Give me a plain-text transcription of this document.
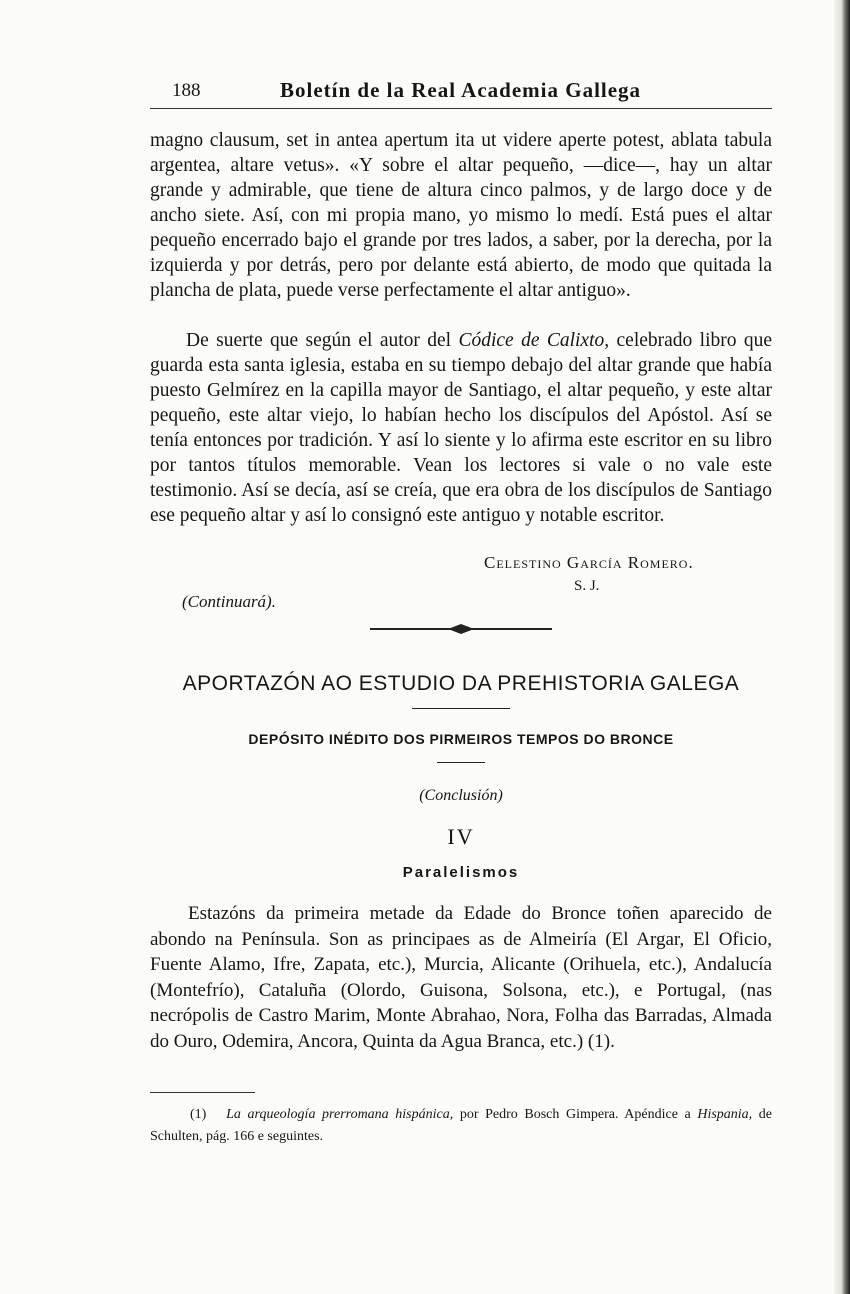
188	Boletín de la Real Academia Gallega
magno clausum, set in antea apertum ita ut videre aperte potest, ablata tabula argentea, altare vetus». «Y sobre el altar pequeño, —dice—, hay un altar grande y admirable, que tiene de altura cinco palmos, y de largo doce y de ancho siete. Así, con mi propia mano, yo mismo lo medí. Está pues el altar pequeño encerrado bajo el grande por tres lados, a saber, por la derecha, por la izquierda y por detrás, pero por delante está abierto, de modo que quitada la plancha de plata, puede verse perfectamente el altar antiguo».
De suerte que según el autor del Códice de Calixto, celebrado libro que guarda esta santa iglesia, estaba en su tiempo debajo del altar grande que había puesto Gelmírez en la capilla mayor de Santiago, el altar pequeño, y este altar pequeño, este altar viejo, lo habían hecho los discípulos del Apóstol. Así se tenía entonces por tradición. Y así lo siente y lo afirma este escritor en su libro por tantos títulos memorable. Vean los lectores si vale o no vale este testimonio. Así se decía, así se creía, que era obra de los discípulos de Santiago ese pequeño altar y así lo consignó este antiguo y notable escritor.
Celestino García Romero.
S. J.
(Continuará).
APORTAZÓN AO ESTUDIO DA PREHISTORIA GALEGA
DEPÓSITO INÉDITO DOS PIRMEIROS TEMPOS DO BRONCE
(Conclusión)
IV
Paralelismos
Estazóns da primeira metade da Edade do Bronce toñen aparecido de abondo na Península. Son as principaes as de Almeiría (El Argar, El Oficio, Fuente Alamo, Ifre, Zapata, etc.), Murcia, Alicante (Orihuela, etc.), Andalucía (Montefrío), Cataluña (Olordo, Guisona, Solsona, etc.), e Portugal, (nas necrópolis de Castro Marim, Monte Abrahao, Nora, Folha das Barradas, Almada do Ouro, Odemira, Ancora, Quinta da Agua Branca, etc.) (1).
(1) La arqueología prerromana hispánica, por Pedro Bosch Gimpera. Apéndice a Hispania, de Schulten, pág. 166 e seguintes.
